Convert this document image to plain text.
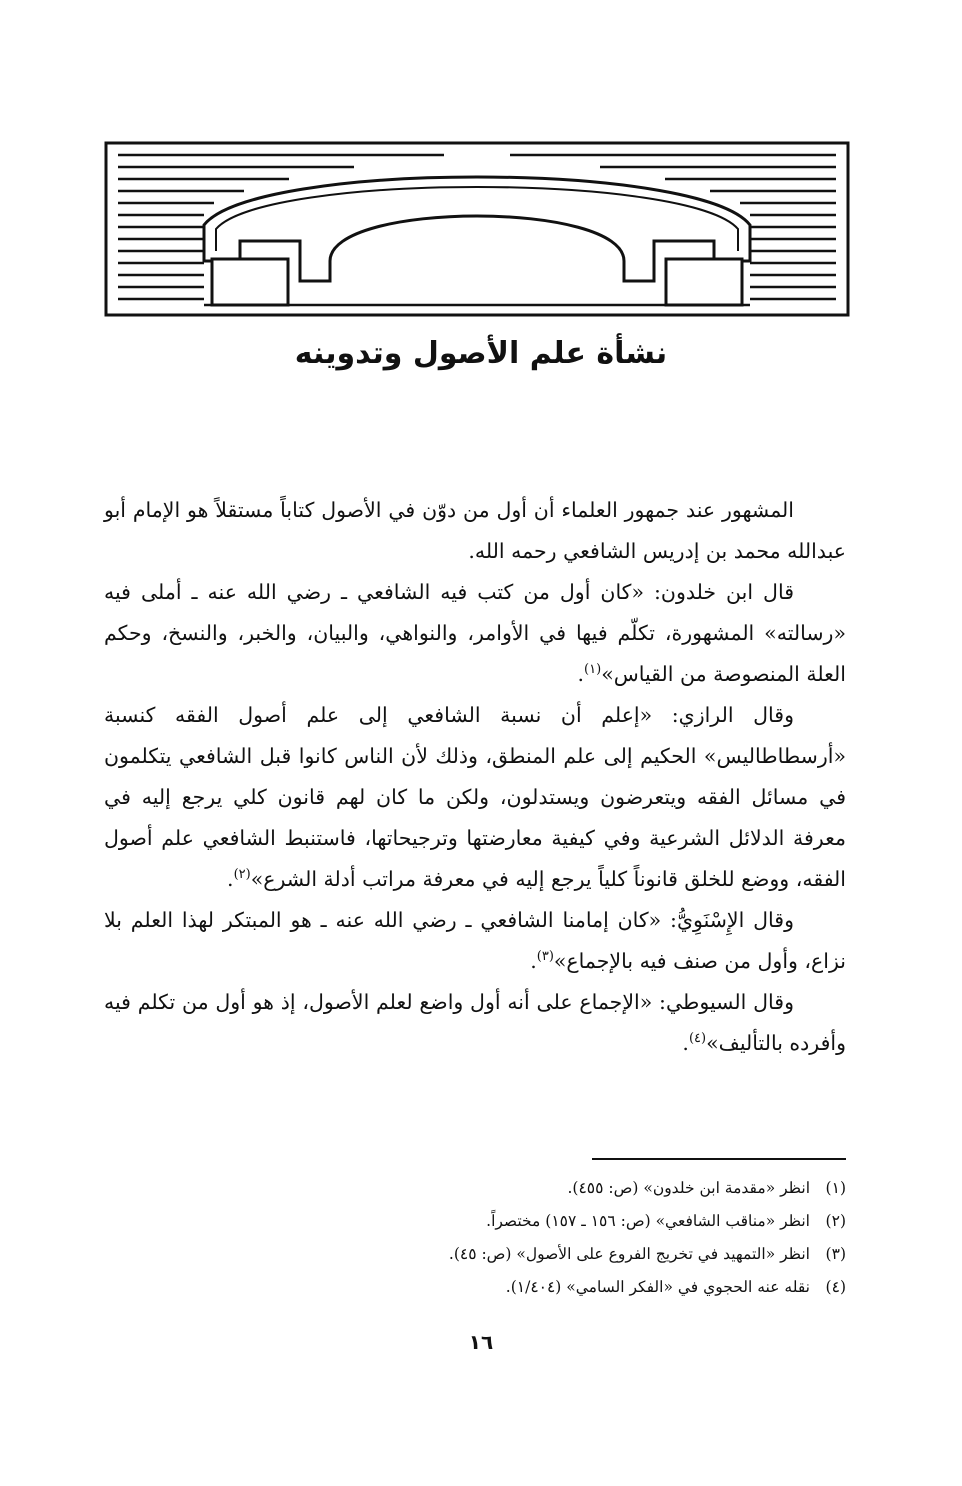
نشأة علم الأصول وتدوينه

المشهور عند جمهور العلماء أن أول من دوّن في الأصول كتاباً مستقلاً هو الإمام أبو عبدالله محمد بن إدريس الشافعي رحمه الله.

قال ابن خلدون: «كان أول من كتب فيه الشافعي ـ رضي الله عنه ـ أملى فيه «رسالته» المشهورة، تكلّم فيها في الأوامر، والنواهي، والبيان، والخبر، والنسخ، وحكم العلة المنصوصة من القياس»$^{(١)}$.

وقال الرازي: «إعلم أن نسبة الشافعي إلى علم أصول الفقه كنسبة «أرسطاطاليس» الحكيم إلى علم المنطق، وذلك لأن الناس كانوا قبل الشافعي يتكلمون في مسائل الفقه ويتعرضون ويستدلون، ولكن ما كان لهم قانون كلي يرجع إليه في معرفة الدلائل الشرعية وفي كيفية معارضتها وترجيحاتها، فاستنبط الشافعي علم أصول الفقه، ووضع للخلق قانوناً كلياً يرجع إليه في معرفة مراتب أدلة الشرع»$^{(٢)}$.

وقال الإِسْنَوِيُّ: «كان إمامنا الشافعي ـ رضي الله عنه ـ هو المبتكر لهذا العلم بلا نزاع، وأول من صنف فيه بالإجماع»$^{(٣)}$.

وقال السيوطي: «الإجماع على أنه أول واضع لعلم الأصول، إذ هو أول من تكلم فيه وأفرده بالتأليف»$^{(٤)}$.

(١)انظر «مقدمة ابن خلدون» (ص: ٤٥٥).
(٢)انظر «مناقب الشافعي» (ص: ١٥٦ ـ ١٥٧) مختصراً.
(٣)انظر «التمهيد في تخريج الفروع على الأصول» (ص: ٤٥).
(٤)نقله عنه الحجوي في «الفكر السامي» (١/٤٠٤).
١٦
